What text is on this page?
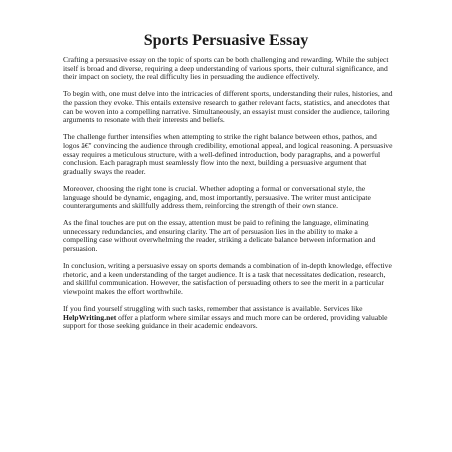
Sports Persuasive Essay

Crafting a persuasive essay on the topic of sports can be both challenging and rewarding. While the subject itself is broad and diverse, requiring a deep understanding of various sports, their cultural significance, and their impact on society, the real difficulty lies in persuading the audience effectively.

To begin with, one must delve into the intricacies of different sports, understanding their rules, histories, and the passion they evoke. This entails extensive research to gather relevant facts, statistics, and anecdotes that can be woven into a compelling narrative. Simultaneously, an essayist must consider the audience, tailoring arguments to resonate with their interests and beliefs.

The challenge further intensifies when attempting to strike the right balance between ethos, pathos, and logos â€" convincing the audience through credibility, emotional appeal, and logical reasoning. A persuasive essay requires a meticulous structure, with a well-defined introduction, body paragraphs, and a powerful conclusion. Each paragraph must seamlessly flow into the next, building a persuasive argument that gradually sways the reader.

Moreover, choosing the right tone is crucial. Whether adopting a formal or conversational style, the language should be dynamic, engaging, and, most importantly, persuasive. The writer must anticipate counterarguments and skillfully address them, reinforcing the strength of their own stance.

As the final touches are put on the essay, attention must be paid to refining the language, eliminating unnecessary redundancies, and ensuring clarity. The art of persuasion lies in the ability to make a compelling case without overwhelming the reader, striking a delicate balance between information and persuasion.

In conclusion, writing a persuasive essay on sports demands a combination of in-depth knowledge, effective rhetoric, and a keen understanding of the target audience. It is a task that necessitates dedication, research, and skillful communication. However, the satisfaction of persuading others to see the merit in a particular viewpoint makes the effort worthwhile.

If you find yourself struggling with such tasks, remember that assistance is available. Services like HelpWriting.net offer a platform where similar essays and much more can be ordered, providing valuable support for those seeking guidance in their academic endeavors.
